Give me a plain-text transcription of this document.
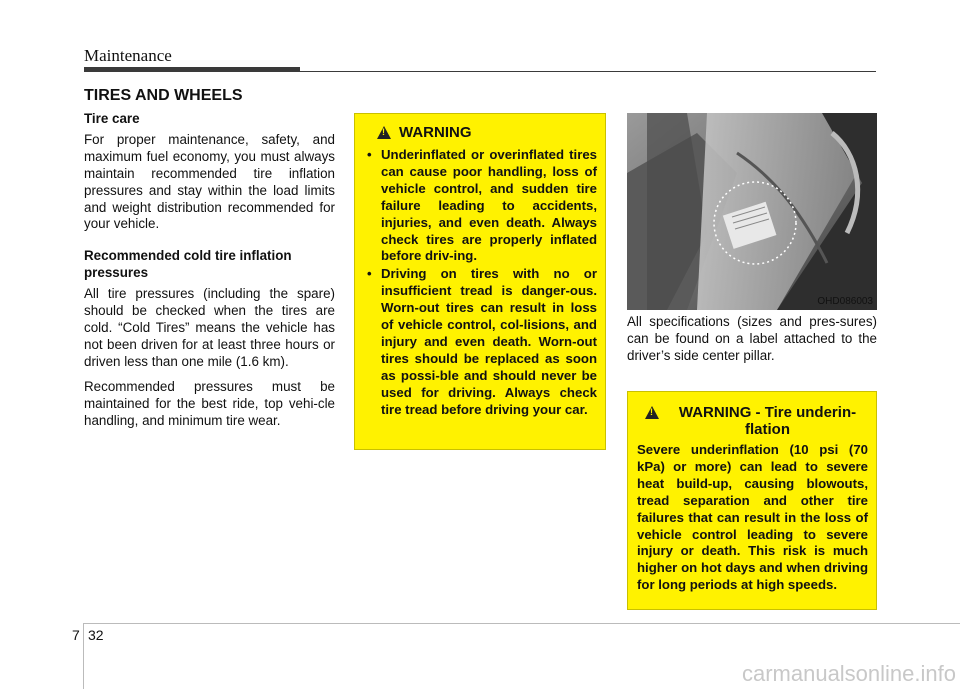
Maintenance
TIRES AND WHEELS
Tire care

For proper maintenance, safety, and maximum fuel economy, you must always maintain recommended tire inflation pressures and stay within the load limits and weight distribution recommended for your vehicle.

Recommended cold tire inflation pressures

All tire pressures (including the spare) should be checked when the tires are cold. “Cold Tires” means the vehicle has not been driven for at least three hours or driven less than one mile (1.6 km).

Recommended pressures must be maintained for the best ride, top vehi-cle handling, and minimum tire wear.

!
WARNING
• Underinflated or overinflated tires can cause poor handling, loss of vehicle control, and sudden tire failure leading to accidents, injuries, and even death. Always check tires are properly inflated before driv-ing.
• Driving on tires with no or insufficient tread is danger-ous. Worn-out tires can result in loss of vehicle control, col-lisions, and injury and even death. Worn-out tires should be replaced as soon as possi-ble and should never be used for driving. Always check tire tread before driving your car.
OHD086003
All specifications (sizes and pres-sures) can be found on a label attached to the driver’s side center pillar.
!
WARNING - Tire underin-flation
Severe underinflation (10 psi (70 kPa) or more) can lead to severe heat build-up, causing blowouts, tread separation and other tire failures that can result in the loss of vehicle control leading to severe injury or death. This risk is much higher on hot days and when driving for long periods at high speeds.
7 32
carmanualsonline.info
